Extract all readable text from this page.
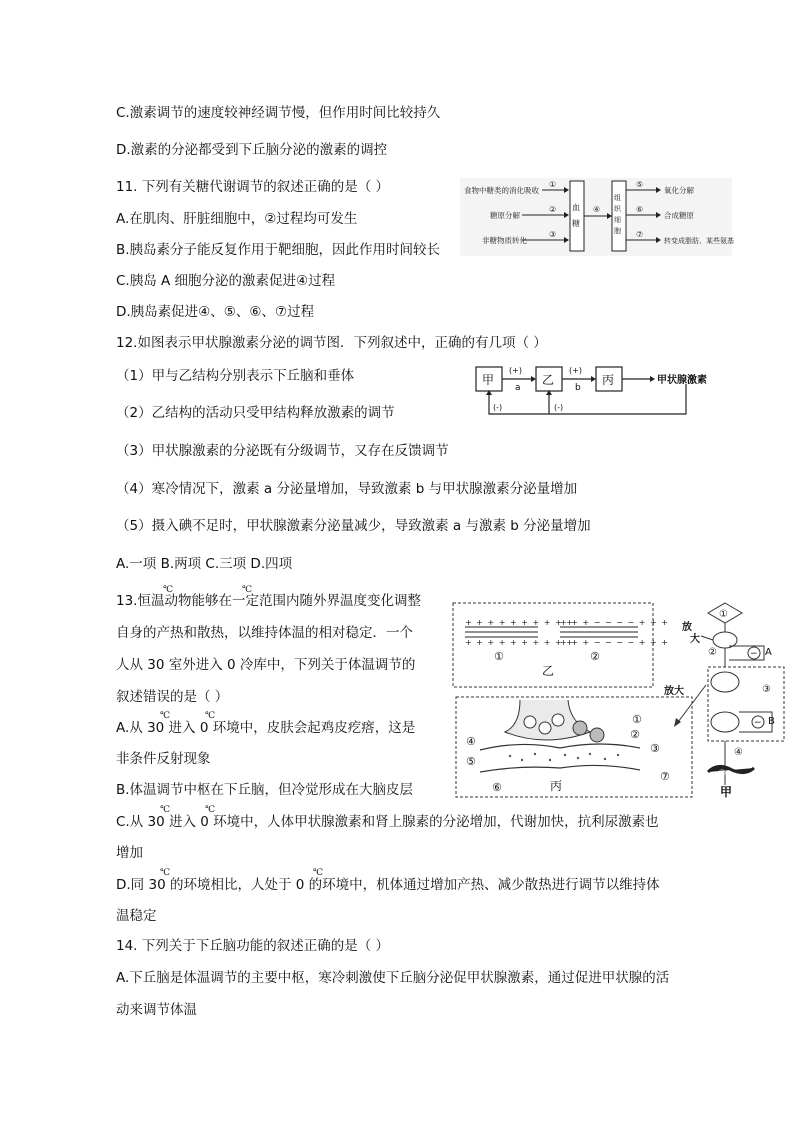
C.激素调节的速度较神经调节慢，但作用时间比较持久
D.激素的分泌都受到下丘脑分泌的激素的调控
11. 下列有关糖代谢调节的叙述正确的是（ ）
A.在肌肉、肝脏细胞中，②过程均可发生
B.胰岛素分子能反复作用于靶细胞，因此作用时间较长
C.胰岛 A 细胞分泌的激素促进④过程
D.胰岛素促进④、⑤、⑥、⑦过程
12.如图表示甲状腺激素分泌的调节图．下列叙述中，正确的有几项（ ）
（1）甲与乙结构分别表示下丘脑和垂体
（2）乙结构的活动只受甲结构释放激素的调节
（3）甲状腺激素的分泌既有分级调节，又存在反馈调节
（4）寒冷情况下，激素 a 分泌量增加，导致激素 b 与甲状腺激素分泌量增加
（5）摄入碘不足时，甲状腺激素分泌量减少，导致激素 a 与激素 b 分泌量增加
A.一项 B.两项 C.三项 D.四项
13.恒温动物能够在一定范围内随外界温度变化调整
自身的产热和散热，以维持体温的相对稳定．一个
人从 30 室外进入 0 冷库中，下列关于体温调节的
叙述错误的是（ ）
A.从 30 进入 0 环境中，皮肤会起鸡皮疙瘩，这是
非条件反射现象
B.体温调节中枢在下丘脑，但冷觉形成在大脑皮层
C.从 30 进入 0 环境中，人体甲状腺激素和肾上腺素的分泌增加，代谢加快，抗利尿激素也
增加
D.同 30 的环境相比，人处于 0 的环境中，机体通过增加产热、减少散热进行调节以维持体
温稳定
14. 下列关于下丘脑功能的叙述正确的是（ ）
A.下丘脑是体温调节的主要中枢，寒冷刺激使下丘脑分泌促甲状腺激素，通过促进甲状腺的活
动来调节体温
℃	℃
℃	℃
℃	℃
℃	℃
食物中糖类的消化吸收
糖原分解
非糖物质转化
①
②
③
血
糖
④
组
织
细
胞
⑤
⑥
⑦
氧化分解
合成糖原
转变成脂肪、某些氨基
甲	乙	丙
(+)
a
(+)
b
甲状腺激素
(-)	(-)
+ + + + + + + + + +
+ + + + + + + + + +
+ + + − − − − + + +
+ + + − − − − + + +
①	②
乙
①
②
③
④
⑤
⑥
⑦
丙
①
放
大
②	− A
③
放大
− B
④
⑤
甲
